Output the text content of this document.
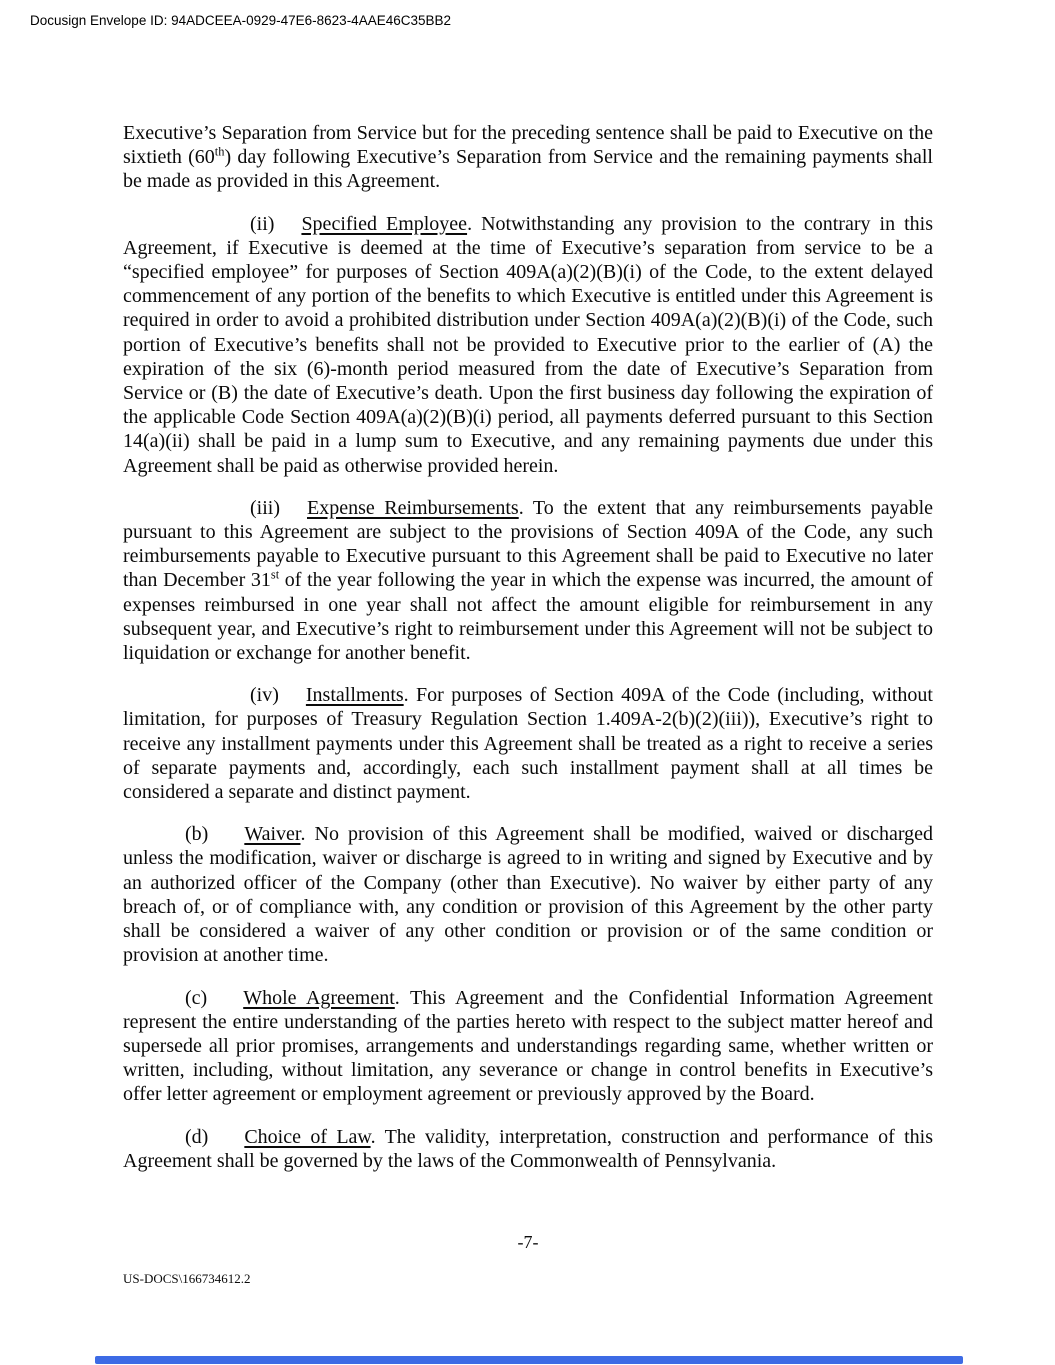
Docusign Envelope ID: 94ADCEEA-0929-47E6-8623-4AAE46C35BB2

Executive’s Separation from Service but for the preceding sentence shall be paid to Executive on the sixtieth (60th) day following Executive’s Separation from Service and the remaining payments shall be made as provided in this Agreement.

(ii) Specified Employee. Notwithstanding any provision to the contrary in this Agreement, if Executive is deemed at the time of Executive’s separation from service to be a “specified employee” for purposes of Section 409A(a)(2)(B)(i) of the Code, to the extent delayed commencement of any portion of the benefits to which Executive is entitled under this Agreement is required in order to avoid a prohibited distribution under Section 409A(a)(2)(B)(i) of the Code, such portion of Executive’s benefits shall not be provided to Executive prior to the earlier of (A) the expiration of the six (6)-month period measured from the date of Executive’s Separation from Service or (B) the date of Executive’s death. Upon the first business day following the expiration of the applicable Code Section 409A(a)(2)(B)(i) period, all payments deferred pursuant to this Section 14(a)(ii) shall be paid in a lump sum to Executive, and any remaining payments due under this Agreement shall be paid as otherwise provided herein.

(iii) Expense Reimbursements. To the extent that any reimbursements payable pursuant to this Agreement are subject to the provisions of Section 409A of the Code, any such reimbursements payable to Executive pursuant to this Agreement shall be paid to Executive no later than December 31st of the year following the year in which the expense was incurred, the amount of expenses reimbursed in one year shall not affect the amount eligible for reimbursement in any subsequent year, and Executive’s right to reimbursement under this Agreement will not be subject to liquidation or exchange for another benefit.

(iv) Installments. For purposes of Section 409A of the Code (including, without limitation, for purposes of Treasury Regulation Section 1.409A-2(b)(2)(iii)), Executive’s right to receive any installment payments under this Agreement shall be treated as a right to receive a series of separate payments and, accordingly, each such installment payment shall at all times be considered a separate and distinct payment.

(b) Waiver. No provision of this Agreement shall be modified, waived or discharged unless the modification, waiver or discharge is agreed to in writing and signed by Executive and by an authorized officer of the Company (other than Executive). No waiver by either party of any breach of, or of compliance with, any condition or provision of this Agreement by the other party shall be considered a waiver of any other condition or provision or of the same condition or provision at another time.

(c) Whole Agreement. This Agreement and the Confidential Information Agreement represent the entire understanding of the parties hereto with respect to the subject matter hereof and supersede all prior promises, arrangements and understandings regarding same, whether written or written, including, without limitation, any severance or change in control benefits in Executive’s offer letter agreement or employment agreement or previously approved by the Board.

(d) Choice of Law. The validity, interpretation, construction and performance of this Agreement shall be governed by the laws of the Commonwealth of Pennsylvania.

-7-
US-DOCS\166734612.2
